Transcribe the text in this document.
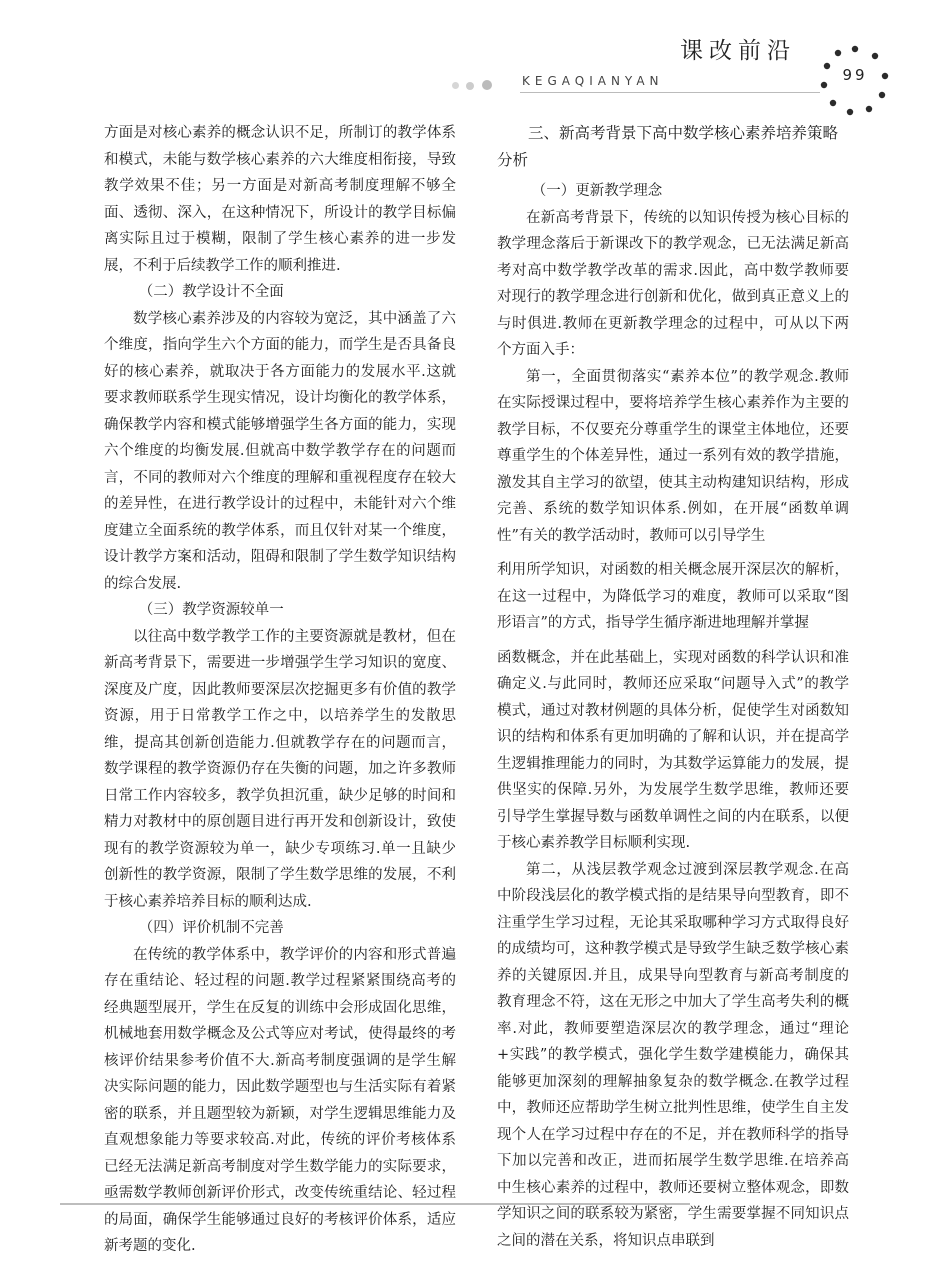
课改前沿
KEGAQIANYAN	99

方面是对核心素养的概念认识不足，所制订的教学体系和模式，未能与数学核心素养的六大维度相衔接，导致教学效果不佳；另一方面是对新高考制度理解不够全面、透彻、深入，在这种情况下，所设计的教学目标偏离实际且过于模糊，限制了学生核心素养的进一步发展，不利于后续教学工作的顺利推进.

（二）教学设计不全面

数学核心素养涉及的内容较为宽泛，其中涵盖了六个维度，指向学生六个方面的能力，而学生是否具备良好的核心素养，就取决于各方面能力的发展水平.这就要求教师联系学生现实情况，设计均衡化的教学体系，确保教学内容和模式能够增强学生各方面的能力，实现六个维度的均衡发展.但就高中数学教学存在的问题而言，不同的教师对六个维度的理解和重视程度存在较大的差异性，在进行教学设计的过程中，未能针对六个维度建立全面系统的教学体系，而且仅针对某一个维度，设计教学方案和活动，阻碍和限制了学生数学知识结构的综合发展.

（三）教学资源较单一

以往高中数学教学工作的主要资源就是教材，但在新高考背景下，需要进一步增强学生学习知识的宽度、深度及广度，因此教师要深层次挖掘更多有价值的教学资源，用于日常教学工作之中，以培养学生的发散思维，提高其创新创造能力.但就教学存在的问题而言，数学课程的教学资源仍存在失衡的问题，加之许多教师日常工作内容较多，教学负担沉重，缺少足够的时间和精力对教材中的原创题目进行再开发和创新设计，致使现有的教学资源较为单一，缺少专项练习.单一且缺少创新性的教学资源，限制了学生数学思维的发展，不利于核心素养培养目标的顺利达成.

（四）评价机制不完善

在传统的教学体系中，教学评价的内容和形式普遍存在重结论、轻过程的问题.教学过程紧紧围绕高考的经典题型展开，学生在反复的训练中会形成固化思维，机械地套用数学概念及公式等应对考试，使得最终的考核评价结果参考价值不大.新高考制度强调的是学生解决实际问题的能力，因此数学题型也与生活实际有着紧密的联系，并且题型较为新颖，对学生逻辑思维能力及直观想象能力等要求较高.对此，传统的评价考核体系已经无法满足新高考制度对学生数学能力的实际要求，亟需数学教师创新评价形式，改变传统重结论、轻过程的局面，确保学生能够通过良好的考核评价体系，适应新考题的变化.

三、新高考背景下高中数学核心素养培养策略分析
（一）更新教学理念

在新高考背景下，传统的以知识传授为核心目标的教学理念落后于新课改下的教学观念，已无法满足新高考对高中数学教学改革的需求.因此，高中数学教师要对现行的教学理念进行创新和优化，做到真正意义上的与时俱进.教师在更新教学理念的过程中，可从以下两个方面入手：

第一，全面贯彻落实“素养本位”的教学观念.教师在实际授课过程中，要将培养学生核心素养作为主要的教学目标，不仅要充分尊重学生的课堂主体地位，还要尊重学生的个体差异性，通过一系列有效的教学措施，激发其自主学习的欲望，使其主动构建知识结构，形成完善、系统的数学知识体系.例如，在开展“函数单调性”有关的教学活动时，教师可以引导学生

利用所学知识，对函数的相关概念展开深层次的解析，在这一过程中，为降低学习的难度，教师可以采取“图形语言”的方式，指导学生循序渐进地理解并掌握

函数概念，并在此基础上，实现对函数的科学认识和准确定义.与此同时，教师还应采取“问题导入式”的教学模式，通过对教材例题的具体分析，促使学生对函数知识的结构和体系有更加明确的了解和认识，并在提高学生逻辑推理能力的同时，为其数学运算能力的发展，提供坚实的保障.另外，为发展学生数学思维，教师还要引导学生掌握导数与函数单调性之间的内在联系，以便于核心素养教学目标顺利实现.

第二，从浅层教学观念过渡到深层教学观念.在高中阶段浅层化的教学模式指的是结果导向型教育，即不注重学生学习过程，无论其采取哪种学习方式取得良好的成绩均可，这种教学模式是导致学生缺乏数学核心素养的关键原因.并且，成果导向型教育与新高考制度的教育理念不符，这在无形之中加大了学生高考失利的概率.对此，教师要塑造深层次的教学理念，通过“理论+实践”的教学模式，强化学生数学建模能力，确保其能够更加深刻的理解抽象复杂的数学概念.在教学过程中，教师还应帮助学生树立批判性思维，使学生自主发现个人在学习过程中存在的不足，并在教师科学的指导下加以完善和改正，进而拓展学生数学思维.在培养高中生核心素养的过程中，教师还要树立整体观念，即数学知识之间的联系较为紧密，学生需要掌握不同知识点之间的潜在关系，将知识点串联到
